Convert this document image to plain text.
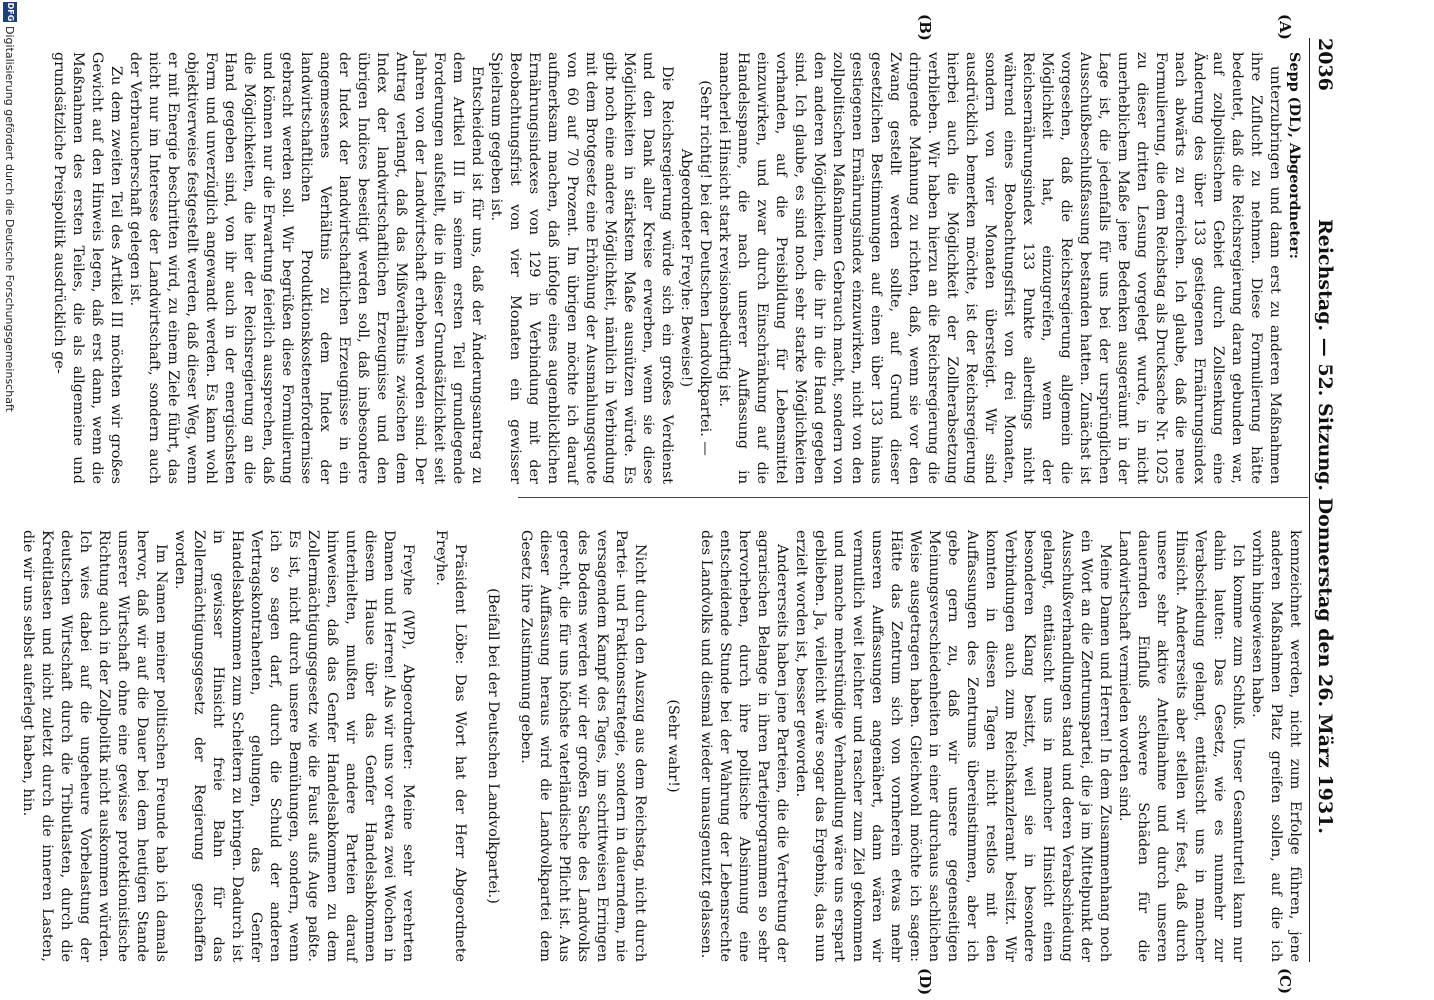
2036
Reichstag. — 52. Sitzung. Donnerstag den 26. März 1931.
(A)
(B)
(C)
(D)

Sepp (DL), Abgeordneter:

unterzubringen und dann erst zu anderen Maßnahmen ihre Zuflucht zu nehmen. Diese Formulierung hätte bedeutet, daß die Reichsregierung daran gebunden war, auf zollpolitischem Gebiet durch Zollsenkung eine Änderung des über 133 gestiegenen Ernährungsindex nach abwärts zu erreichen. Ich glaube, daß die neue Formulierung, die dem Reichstag als Drucksache Nr. 1025 zu dieser dritten Lesung vorgelegt wurde, in nicht unerheblichem Maße jene Bedenken ausgeräumt in der Lage ist, die jedenfalls für uns bei der ursprünglichen Ausschußbeschlußfassung bestanden hatten. Zunächst ist vorgesehen, daß die Reichsregierung allgemein die Möglichkeit hat, einzugreifen, wenn der Reichsernährungsindex 133 Punkte allerdings nicht während eines Beobachtungsfrist von drei Monaten, sondern von vier Monaten übersteigt. Wir sind ausdrücklich bemerken möchte, ist der Reichsregierung hierbei auch die Möglichkeit der Zollherabsetzung verblieben. Wir haben hierzu an die Reichsregierung die dringende Mahnung zu richten, daß, wenn sie vor den Zwang gestellt werden sollte, auf Grund dieser gesetzlichen Bestimmungen auf einen über 133 hinaus gestiegenen Ernährungsindex einzuwirken, nicht von den zollpolitischen Maßnahmen Gebrauch macht, sondern von den anderen Möglichkeiten, die ihr in die Hand gegeben sind. Ich glaube, es sind noch sehr starke Möglichkeiten vorhanden, auf die Preisbildung für Lebensmittel einzuwirken, und zwar durch Einschränkung auf die Handelsspanne, die nach unserer Auffassung in mancherlei Hinsicht stark revisionsbedürftig ist.

(Sehr richtig! bei der Deutschen Landvolkpartei. — Abgeordneter Freyhe: Beweise!)

Die Reichsregierung würde sich ein großes Verdienst und den Dank aller Kreise erwerben, wenn sie diese Möglichkeiten in stärkstem Maße ausnützen würde. Es gibt noch eine andere Möglichkeit, nämlich in Verbindung mit dem Brotgesetz eine Erhöhung der Ausmahlungsquote von 60 auf 70 Prozent. Im übrigen möchte ich darauf aufmerksam machen, daß infolge eines augenblicklichen Ernährungsindexes von 129 in Verbindung mit der Beobachtungsfrist von vier Monaten ein gewisser Spielraum gegeben ist.

Entscheidend ist für uns, daß der Änderungsantrag zu dem Artikel III in seinem ersten Teil grundlegende Forderungen aufstellt, die in dieser Grundsätzlichkeit seit Jahren von der Landwirtschaft erhoben worden sind. Der Antrag verlangt, daß das Mißverhältnis zwischen dem Index der landwirtschaftlichen Erzeugnisse und den übrigen Indices beseitigt werden soll, daß insbesondere der Index der landwirtschaftlichen Erzeugnisse in ein angemessenes Verhältnis zu dem Index der landwirtschaftlichen Produktionskostenerfordernisse gebracht werden soll. Wir begrüßen diese Formulierung und können nur die Erwartung feierlich aussprechen, daß die Möglichkeiten, die hier der Reichsregierung an die Hand gegeben sind, von ihr auch in der energischsten Form und unverzüglich angewandt werden. Es kann wohl objektiverweise festgestellt werden, daß dieser Weg, wenn er mit Energie beschritten wird, zu einem Ziele führt, das nicht nur im Interesse der Landwirtschaft, sondern auch der Verbraucherschaft gelegen ist.

Zu dem zweiten Teil des Artikel III möchten wir großes Gewicht auf den Hinweis legen, daß erst dann, wenn die Maßnahmen des ersten Teiles, die als allgemeine und grundsätzliche Preispolitik ausdrücklich ge-

kennzeichnet werden, nicht zum Erfolge führen, jene anderen Maßnahmen Platz greifen sollen, auf die ich vorhin hingewiesen habe.

Ich komme zum Schluß. Unser Gesamturteil kann nur dahin lauten: Das Gesetz, wie es nunmehr zur Verabschiedung gelangt, enttäuscht uns in mancher Hinsicht. Andererseits aber stellen wir fest, daß durch unsere sehr aktive Anteilnahme und durch unseren dauernden Einfluß schwere Schäden für die Landwirtschaft vermieden worden sind.

Meine Damen und Herren! In dem Zusammenhang noch ein Wort an die Zentrumspartei, die ja im Mittelpunkt der Ausschußverhandlungen stand und deren Verabschiedung gelangt, enttäuscht uns in mancher Hinsicht einen besonderen Klang besitzt, weil sie in besondere Verbindungen auch zum Reichskanzleramt besitzt. Wir konnten in diesen Tagen nicht restlos mit den Auffassungen des Zentrums übereinstimmen, aber ich gebe gern zu, daß wir unsere gegenseitigen Meinungsverschiedenheiten in einer durchaus sachlichen Weise ausgetragen haben. Gleichwohl möchte ich sagen: Hätte das Zentrum sich von vornherein etwas mehr unseren Auffassungen angenähert, dann wären wir vermutlich weit leichter und rascher zum Ziel gekommen und manche mehrstündige Verhandlung wäre uns erspart geblieben. Ja, vielleicht wäre sogar das Ergebnis, das nun erzielt worden ist, besser geworden.

Andererseits haben jene Parteien, die die Vertretung der agrarischen Belange in ihren Parteiprogrammen so sehr hervorheben, durch ihre politische Absinnung eine entscheidende Stunde bei der Wahrung der Lebensrechte des Landvolks und diesmal wieder unausgenutzt gelassen.

(Sehr wahr!)

Nicht durch den Auszug aus dem Reichstag, nicht durch Partei- und Fraktionsstrategie, sondern in dauerndem, nie versagendem Kampf des Tages, im schrittweisen Erringen des Bodens werden wir der großen Sache des Landvolks gerecht, die für uns höchste vaterländische Pflicht ist. Aus dieser Auffassung heraus wird die Landvolkpartei dem Gesetz ihre Zustimmung geben.

(Beifall bei der Deutschen Landvolkpartei.)

Präsident Löbe: Das Wort hat der Herr Abgeordnete Freyhe.

Freyhe (WP), Abgeordneter: Meine sehr verehrten Damen und Herren! Als wir uns vor etwa zwei Wochen in diesem Hause über das Genfer Handelsabkommen unterhielten, mußten wir andere Parteien darauf hinweisen, daß das Genfer Handelsabkommen zu dem Zollermächtigungsgesetz wie die Faust aufs Auge paßte. Es ist, nicht durch unsere Bemühungen, sondern, wenn ich so sagen darf, durch die Schuld der anderen Vertragskontrahenten, gelungen, das Genfer Handelsabkommen zum Scheitern zu bringen. Dadurch ist in gewisser Hinsicht freie Bahn für das Zollermächtigungsgesetz der Regierung geschaffen worden.

Im Namen meiner politischen Freunde hab ich damals hervor, daß wir auf die Dauer bei dem heutigen Stande unserer Wirtschaft ohne eine gewisse protektionistische Richtung auch in der Zollpolitik nicht auskommen würden. Ich wies dabei auf die ungeheure Vorbelastung der deutschen Wirtschaft durch die Tributlasten, durch die Kreditlasten und nicht zuletzt durch die inneren Lasten, die wir uns selbst auferlegt haben, hin.

DFG
Digitalisierung gefördert durch die Deutsche Forschungsgemeinschaft
